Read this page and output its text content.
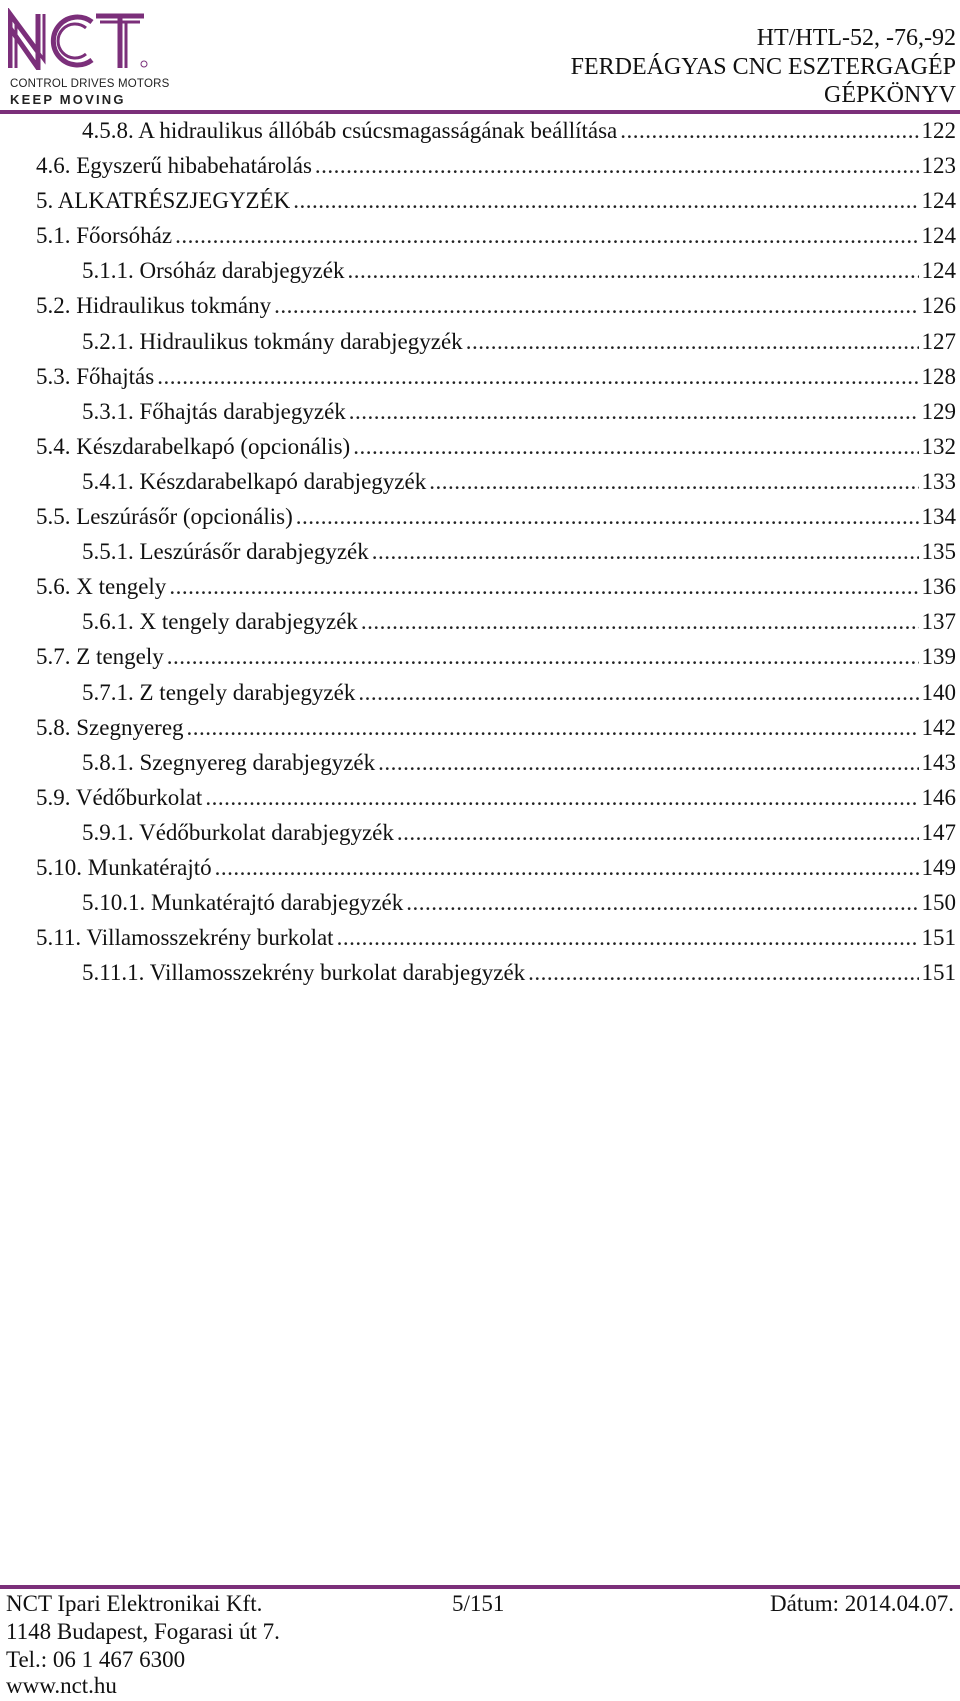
CONTROL DRIVES MOTORS
KEEP MOVING
HT/HTL-52, -76,-92
FERDEÁGYAS CNC ESZTERGAGÉP
GÉPKÖNYV
4.5.8. A hidraulikus állóbáb csúcsmagasságának beállítása .....	122
4.6. Egyszerű hibabehatárolás .....	123
5. ALKATRÉSZJEGYZÉK .....	124
5.1. Főorsóház .....	124
5.1.1. Orsóház darabjegyzék .....	124
5.2. Hidraulikus tokmány .....	126
5.2.1. Hidraulikus tokmány darabjegyzék .....	127
5.3. Főhajtás .....	128
5.3.1. Főhajtás darabjegyzék .....	129
5.4. Készdarabelkapó (opcionális) .....	132
5.4.1. Készdarabelkapó darabjegyzék .....	133
5.5. Leszúrásőr (opcionális) .....	134
5.5.1. Leszúrásőr darabjegyzék .....	135
5.6. X tengely .....	136
5.6.1. X tengely darabjegyzék .....	137
5.7. Z tengely .....	139
5.7.1. Z tengely darabjegyzék .....	140
5.8. Szegnyereg .....	142
5.8.1. Szegnyereg darabjegyzék .....	143
5.9. Védőburkolat .....	146
5.9.1. Védőburkolat darabjegyzék .....	147
5.10. Munkatérajtó .....	149
5.10.1. Munkatérajtó darabjegyzék .....	150
5.11. Villamosszekrény burkolat .....	151
5.11.1. Villamosszekrény burkolat darabjegyzék .....	151
NCT Ipari Elektronikai Kft.	5/151	Dátum: 2014.04.07.
1148 Budapest, Fogarasi út 7.
Tel.: 06 1 467 6300
www.nct.hu
